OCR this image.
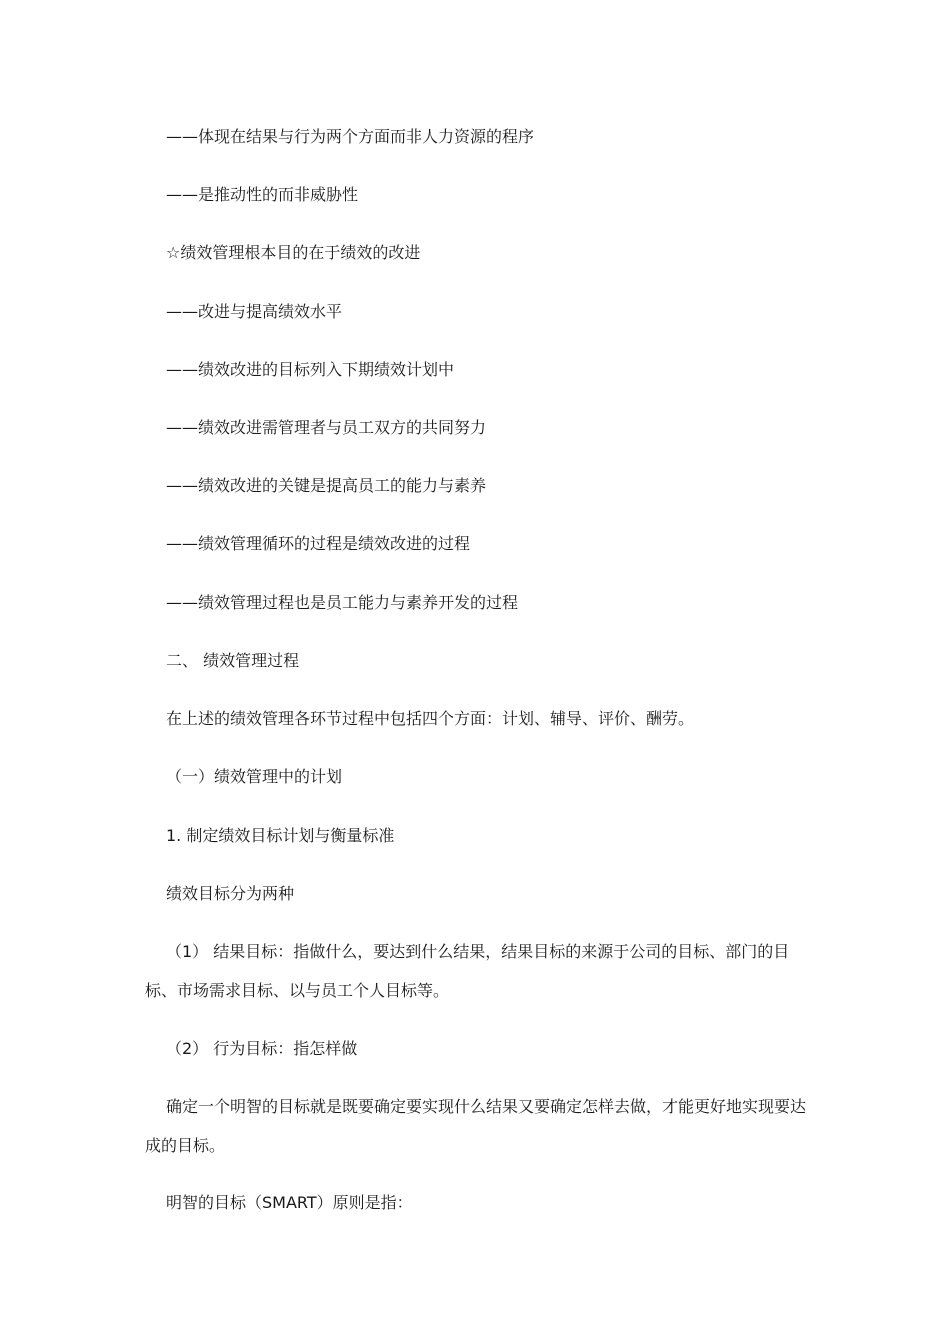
——体现在结果与行为两个方面而非人力资源的程序
——是推动性的而非威胁性
☆绩效管理根本目的在于绩效的改进
——改进与提高绩效水平
——绩效改进的目标列入下期绩效计划中
——绩效改进需管理者与员工双方的共同努力
——绩效改进的关键是提高员工的能力与素养
——绩效管理循环的过程是绩效改进的过程
——绩效管理过程也是员工能力与素养开发的过程
二、 绩效管理过程
在上述的绩效管理各环节过程中包括四个方面：计划、辅导、评价、酬劳。
（一）绩效管理中的计划
1. 制定绩效目标计划与衡量标准
绩效目标分为两种
（1） 结果目标：指做什么，要达到什么结果，结果目标的来源于公司的目标、部门的目标、市场需求目标、以与员工个人目标等。
（2） 行为目标：指怎样做
确定一个明智的目标就是既要确定要实现什么结果又要确定怎样去做，才能更好地实现要达成的目标。
明智的目标（SMART）原则是指：
